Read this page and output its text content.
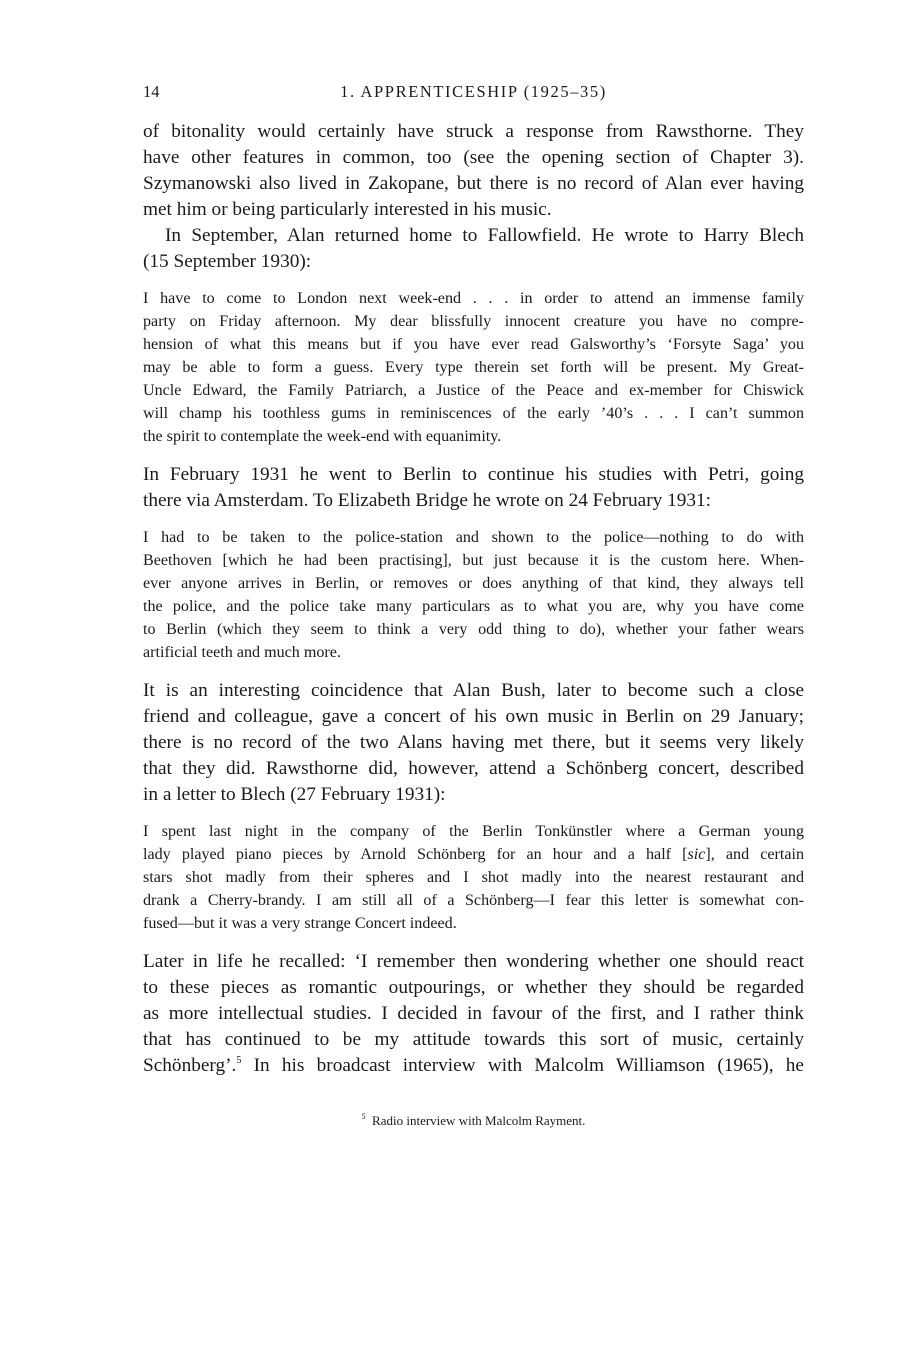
14	1. APPRENTICESHIP (1925–35)
of bitonality would certainly have struck a response from Rawsthorne. They
have other features in common, too (see the opening section of Chapter 3).
Szymanowski also lived in Zakopane, but there is no record of Alan ever having
met him or being particularly interested in his music.
In September, Alan returned home to Fallowfield. He wrote to Harry Blech
(15 September 1930):
I have to come to London next week-end . . . in order to attend an immense family
party on Friday afternoon. My dear blissfully innocent creature you have no compre-
hension of what this means but if you have ever read Galsworthy’s ‘Forsyte Saga’ you
may be able to form a guess. Every type therein set forth will be present. My Great-
Uncle Edward, the Family Patriarch, a Justice of the Peace and ex-member for Chiswick
will champ his toothless gums in reminiscences of the early ’40’s . . . I can’t summon
the spirit to contemplate the week-end with equanimity.
In February 1931 he went to Berlin to continue his studies with Petri, going
there via Amsterdam. To Elizabeth Bridge he wrote on 24 February 1931:
I had to be taken to the police-station and shown to the police—nothing to do with
Beethoven [which he had been practising], but just because it is the custom here. When-
ever anyone arrives in Berlin, or removes or does anything of that kind, they always tell
the police, and the police take many particulars as to what you are, why you have come
to Berlin (which they seem to think a very odd thing to do), whether your father wears
artificial teeth and much more.
It is an interesting coincidence that Alan Bush, later to become such a close
friend and colleague, gave a concert of his own music in Berlin on 29 January;
there is no record of the two Alans having met there, but it seems very likely
that they did. Rawsthorne did, however, attend a Schönberg concert, described
in a letter to Blech (27 February 1931):
I spent last night in the company of the Berlin Tonkünstler where a German young
lady played piano pieces by Arnold Schönberg for an hour and a half [sic], and certain
stars shot madly from their spheres and I shot madly into the nearest restaurant and
drank a Cherry-brandy. I am still all of a Schönberg—I fear this letter is somewhat con-
fused—but it was a very strange Concert indeed.
Later in life he recalled: ‘I remember then wondering whether one should react
to these pieces as romantic outpourings, or whether they should be regarded
as more intellectual studies. I decided in favour of the first, and I rather think
that has continued to be my attitude towards this sort of music, certainly
Schönberg’.$^5$ In his broadcast interview with Malcolm Williamson (1965), he
$^5$ Radio interview with Malcolm Rayment.
